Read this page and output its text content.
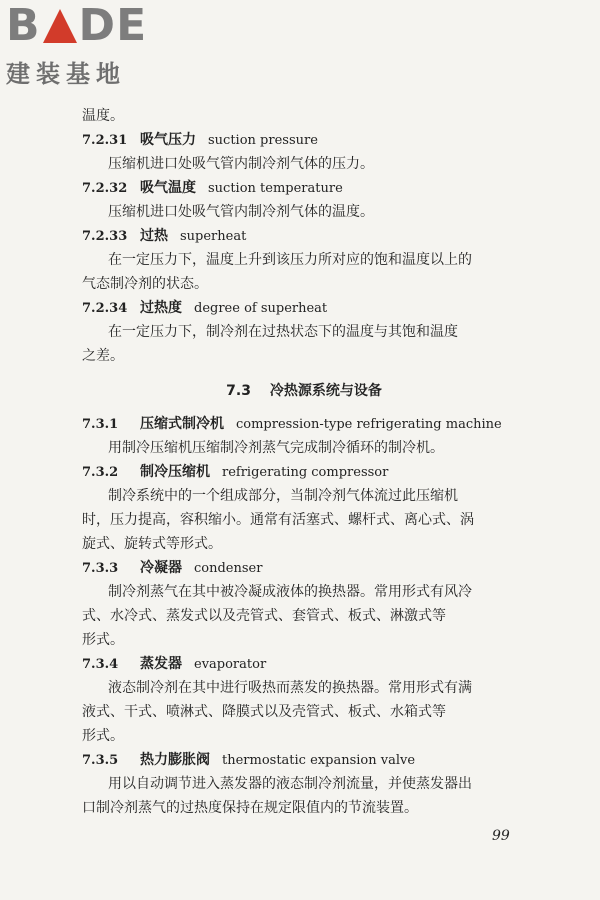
B DE
建装基地
温度。
7.2.31 吸气压力 suction pressure
压缩机进口处吸气管内制冷剂气体的压力。
7.2.32 吸气温度 suction temperature
压缩机进口处吸气管内制冷剂气体的温度。
7.2.33 过热 superheat
在一定压力下，温度上升到该压力所对应的饱和温度以上的
气态制冷剂的状态。
7.2.34 过热度 degree of superheat
在一定压力下，制冷剂在过热状态下的温度与其饱和温度
之差。
7.3 冷热源系统与设备
7.3.1 压缩式制冷机 compression-type refrigerating machine
用制冷压缩机压缩制冷剂蒸气完成制冷循环的制冷机。
7.3.2 制冷压缩机 refrigerating compressor
制冷系统中的一个组成部分，当制冷剂气体流过此压缩机
时，压力提高，容积缩小。通常有活塞式、螺杆式、离心式、涡
旋式、旋转式等形式。
7.3.3 冷凝器 condenser
制冷剂蒸气在其中被冷凝成液体的换热器。常用形式有风冷
式、水冷式、蒸发式以及壳管式、套管式、板式、淋激式等
形式。
7.3.4 蒸发器 evaporator
液态制冷剂在其中进行吸热而蒸发的换热器。常用形式有满
液式、干式、喷淋式、降膜式以及壳管式、板式、水箱式等
形式。
7.3.5 热力膨胀阀 thermostatic expansion valve
用以自动调节进入蒸发器的液态制冷剂流量，并使蒸发器出
口制冷剂蒸气的过热度保持在规定限值内的节流装置。
99
